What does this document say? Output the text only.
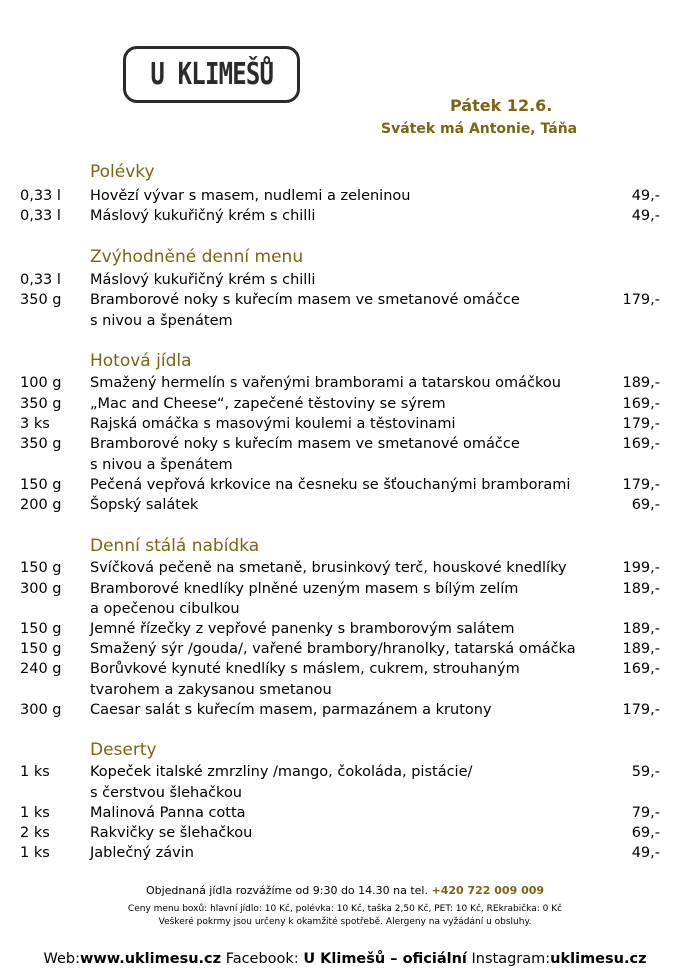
U KLIMEŠŮ
Pátek 12.6.
Svátek má Antonie, Táňa
Polévky
0,33 l Hovězí vývar s masem, nudlemi a zeleninou	49,-
0,33 l Máslový kukuřičný krém s chilli	49,-
Zvýhodněné denní menu
0,33 l Máslový kukuřičný krém s chilli
350 g Bramborové noky s kuřecím masem ve smetanové omáčce	179,-
s nivou a špenátem
Hotová jídla
100 g Smažený hermelín s vařenými bramborami a tatarskou omáčkou	189,-
350 g „Mac and Cheese“, zapečené těstoviny se sýrem	169,-
3 ks	Rajská omáčka s masovými koulemi a těstovinami	179,-
350 g Bramborové noky s kuřecím masem ve smetanové omáčce	169,-
s nivou a špenátem
150 g Pečená vepřová krkovice na česneku se šťouchanými bramborami	179,-
200 g Šopský salátek	69,-
Denní stálá nabídka
150 g Svíčková pečeně na smetaně, brusinkový terč, houskové knedlíky	199,-
300 g Bramborové knedlíky plněné uzeným masem s bílým zelím	189,-
a opečenou cibulkou
150 g Jemné řízečky z vepřové panenky s bramborovým salátem	189,-
150 g Smažený sýr /gouda/, vařené brambory/hranolky, tatarská omáčka	189,-
240 g Borůvkové kynuté knedlíky s máslem, cukrem, strouhaným	169,-
tvarohem a zakysanou smetanou
300 g Caesar salát s kuřecím masem, parmazánem a krutony	179,-
Deserty
1 ks	Kopeček italské zmrzliny /mango, čokoláda, pistácie/	59,-
s čerstvou šlehačkou
1 ks	Malinová Panna cotta	79,-
2 ks	Rakvičky se šlehačkou	69,-
1 ks	Jablečný závin	49,-
Objednaná jídla rozvážíme od 9:30 do 14.30 na tel. +420 722 009 009
Ceny menu boxů: hlavní jídlo: 10 Kč, polévka: 10 Kč, taška 2,50 Kč, PET: 10 Kč, REkrabička: 0 Kč
Veškeré pokrmy jsou určeny k okamžité spotřebě. Alergeny na vyžádání u obsluhy.
Web:www.uklimesu.cz Facebook: U Klimešů – oficiální Instagram:uklimesu.cz
